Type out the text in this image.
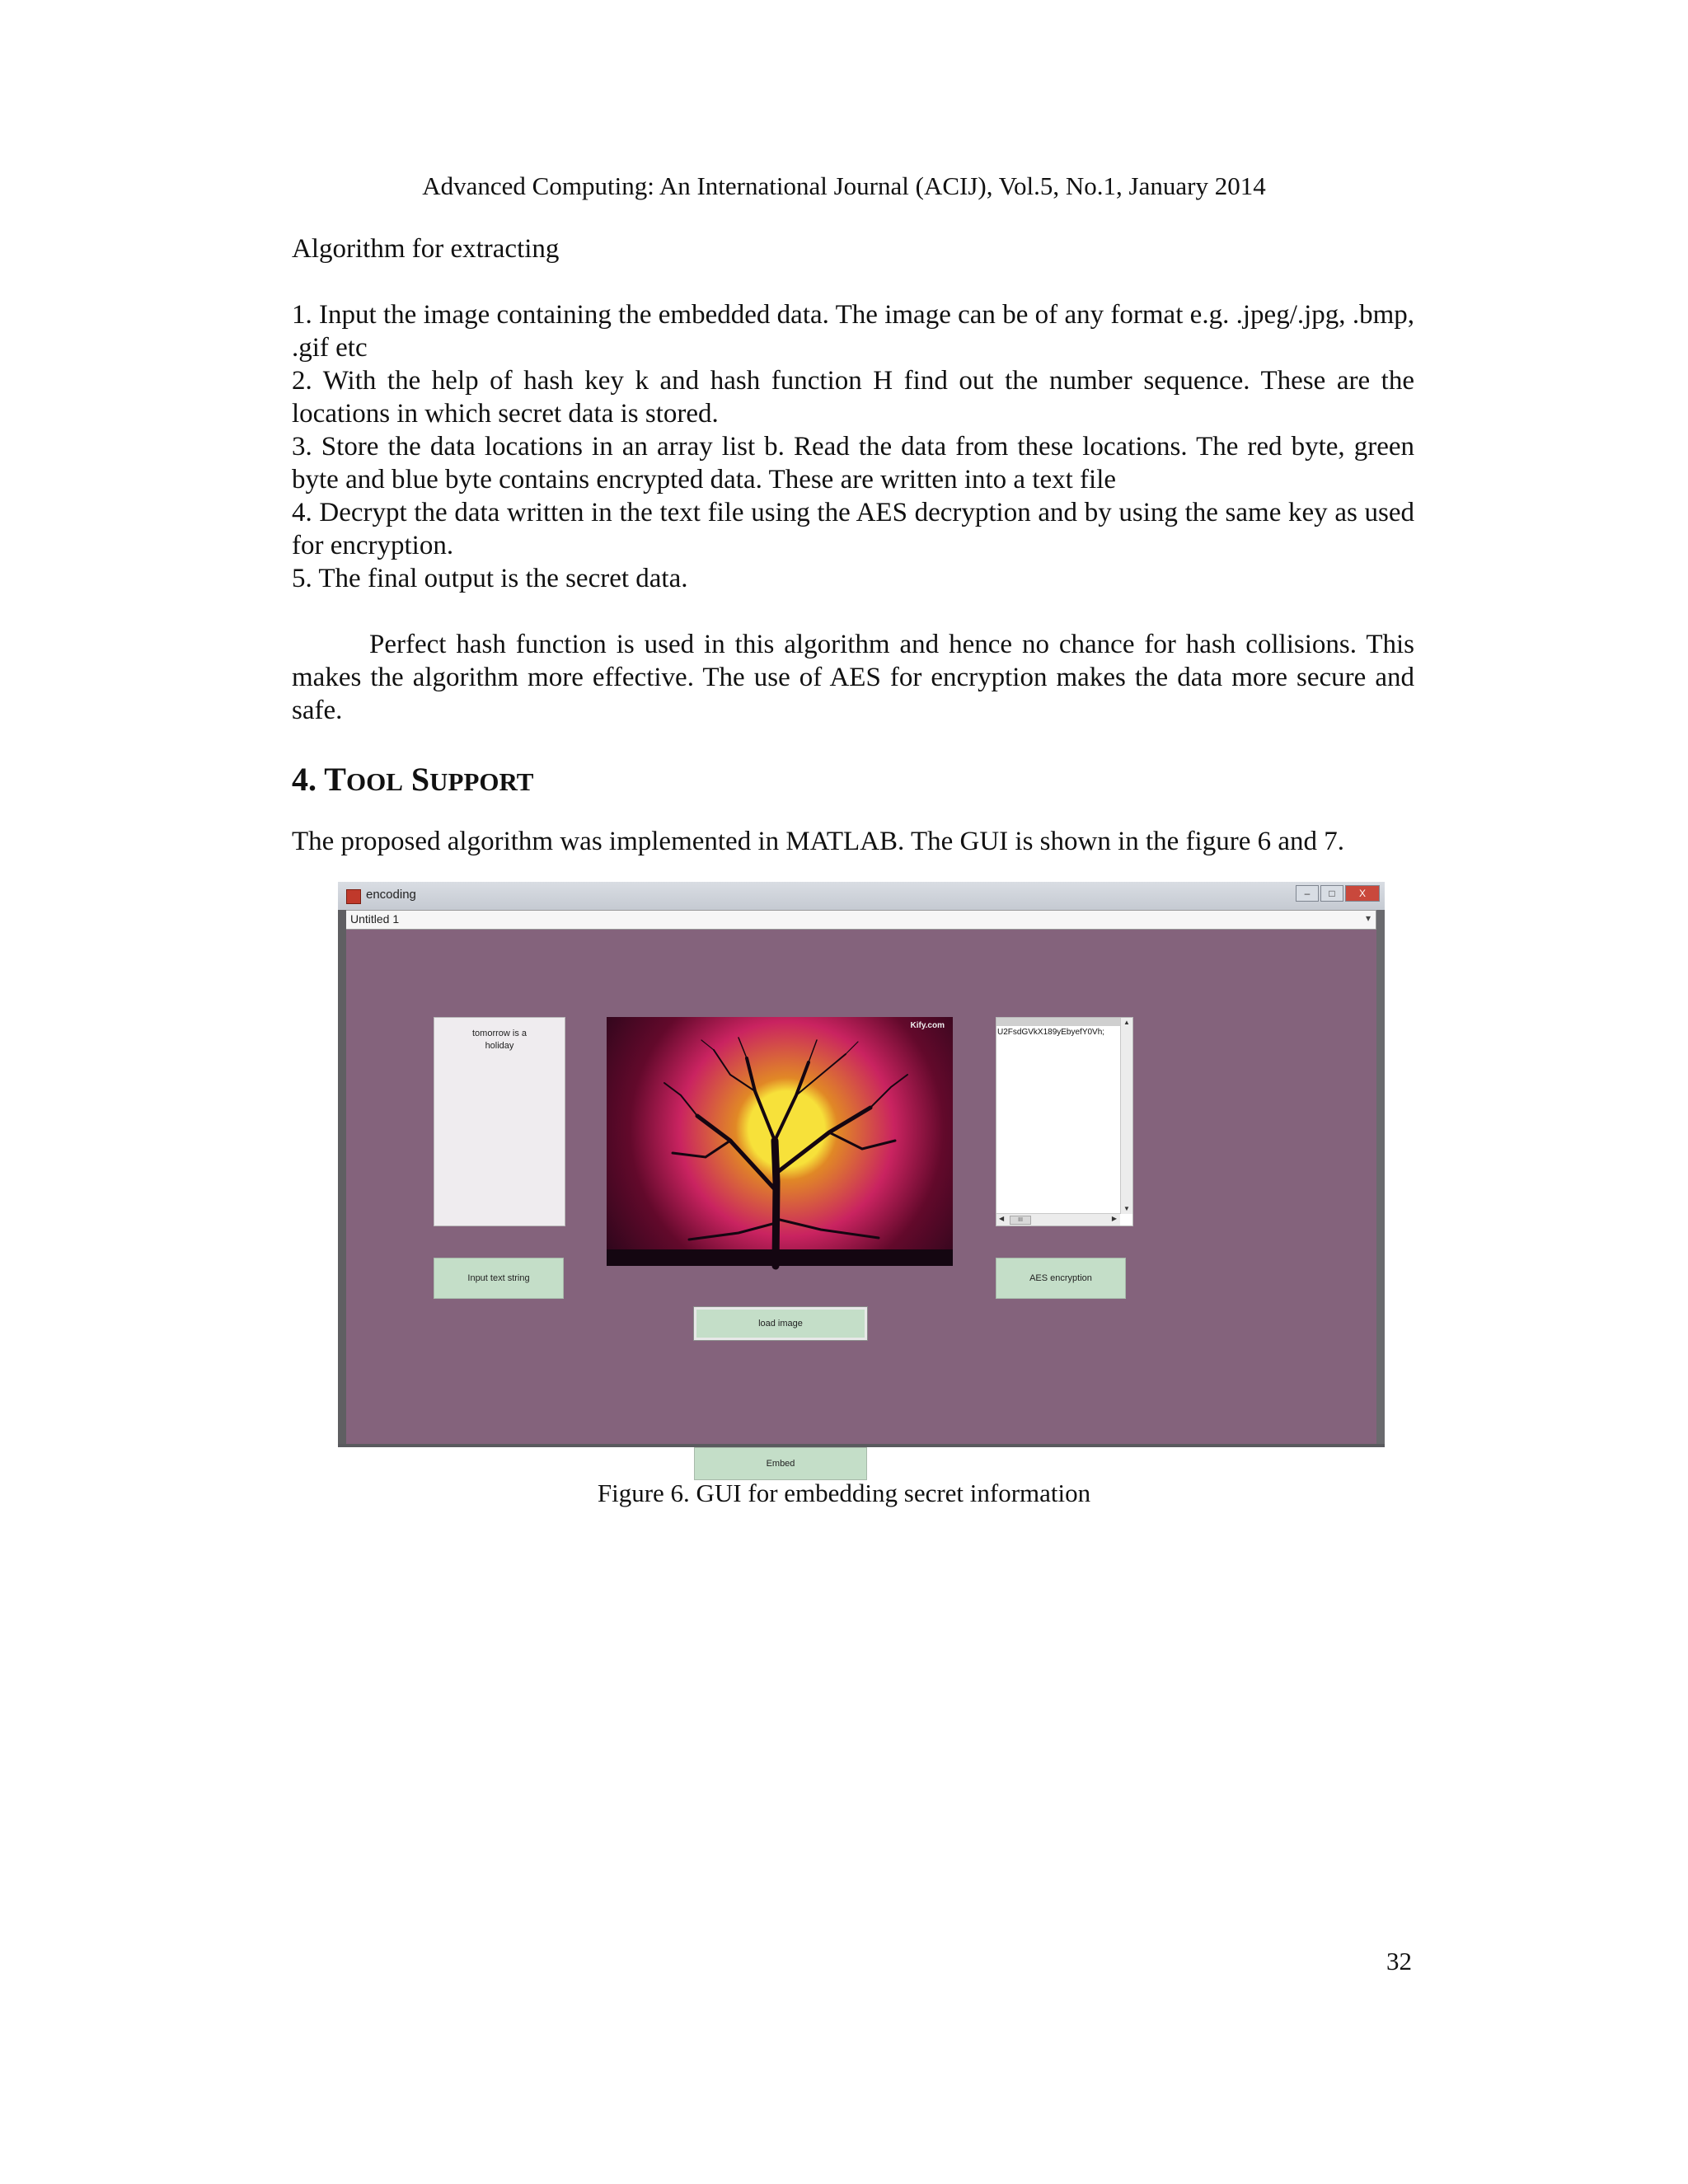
Advanced Computing: An International Journal (ACIJ), Vol.5, No.1, January 2014
Algorithm for extracting
1. Input the image containing the embedded data. The image can be of any format e.g. .jpeg/.jpg, .bmp, .gif etc
2. With the help of hash key k and hash function H find out the number sequence. These are the locations in which secret data is stored.
3. Store the data locations in an array list b. Read the data from these locations. The red byte, green byte and blue byte contains encrypted data. These are written into a text file
4. Decrypt the data written in the text file using the AES decryption and by using the same key as used for encryption.
5. The final output is the secret data.
Perfect hash function is used in this algorithm and hence no chance for hash collisions. This makes the algorithm more effective. The use of AES for encryption makes the data more secure and safe.
4. TOOL SUPPORT
The proposed algorithm was implemented in MATLAB. The GUI is shown in the figure 6 and 7.
encoding	–	□	X
Untitled 1	▾
tomorrow is a
holiday
Kify.com
U2FsdGVkX189yEbyefY0Vh;
▲
▼
◀	III	▶
Input text string	AES encryption
load image
Embed
Figure 6. GUI for embedding secret information
32
